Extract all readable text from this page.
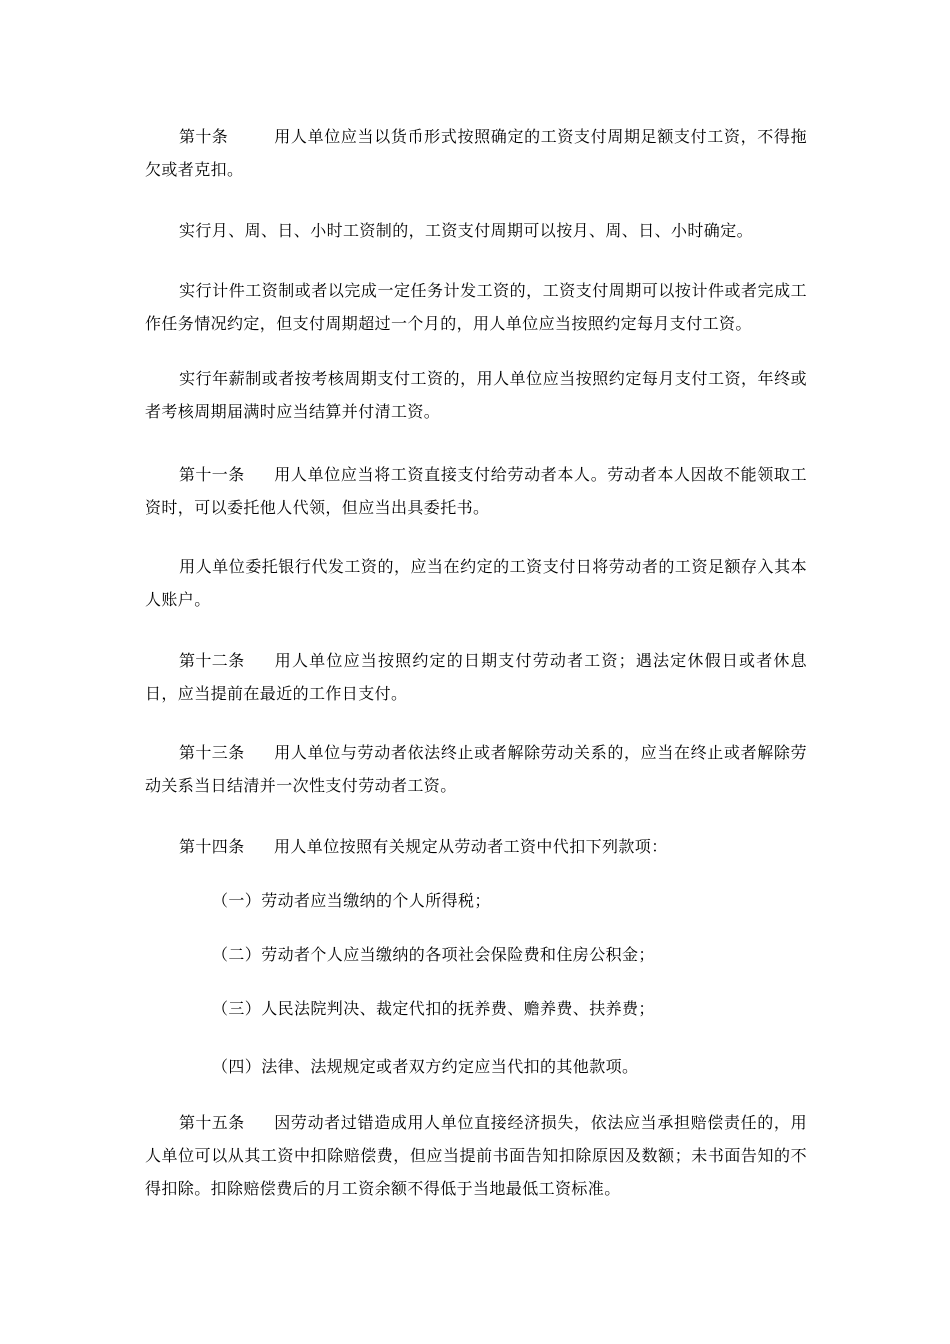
第十条	用人单位应当以货币形式按照确定的工资支付周期足额支付工资，不得拖欠或者克扣。

实行月、周、日、小时工资制的，工资支付周期可以按月、周、日、小时确定。

实行计件工资制或者以完成一定任务计发工资的，工资支付周期可以按计件或者完成工作任务情况约定，但支付周期超过一个月的，用人单位应当按照约定每月支付工资。

实行年薪制或者按考核周期支付工资的，用人单位应当按照约定每月支付工资，年终或者考核周期届满时应当结算并付清工资。

第十一条 用人单位应当将工资直接支付给劳动者本人。劳动者本人因故不能领取工资时，可以委托他人代领，但应当出具委托书。

用人单位委托银行代发工资的，应当在约定的工资支付日将劳动者的工资足额存入其本人账户。

第十二条 用人单位应当按照约定的日期支付劳动者工资；遇法定休假日或者休息日，应当提前在最近的工作日支付。

第十三条 用人单位与劳动者依法终止或者解除劳动关系的，应当在终止或者解除劳动关系当日结清并一次性支付劳动者工资。

第十四条 用人单位按照有关规定从劳动者工资中代扣下列款项：

（一）劳动者应当缴纳的个人所得税；

（二）劳动者个人应当缴纳的各项社会保险费和住房公积金；

（三）人民法院判决、裁定代扣的抚养费、赡养费、扶养费；

（四）法律、法规规定或者双方约定应当代扣的其他款项。

第十五条 因劳动者过错造成用人单位直接经济损失，依法应当承担赔偿责任的，用人单位可以从其工资中扣除赔偿费，但应当提前书面告知扣除原因及数额；未书面告知的不得扣除。扣除赔偿费后的月工资余额不得低于当地最低工资标准。
